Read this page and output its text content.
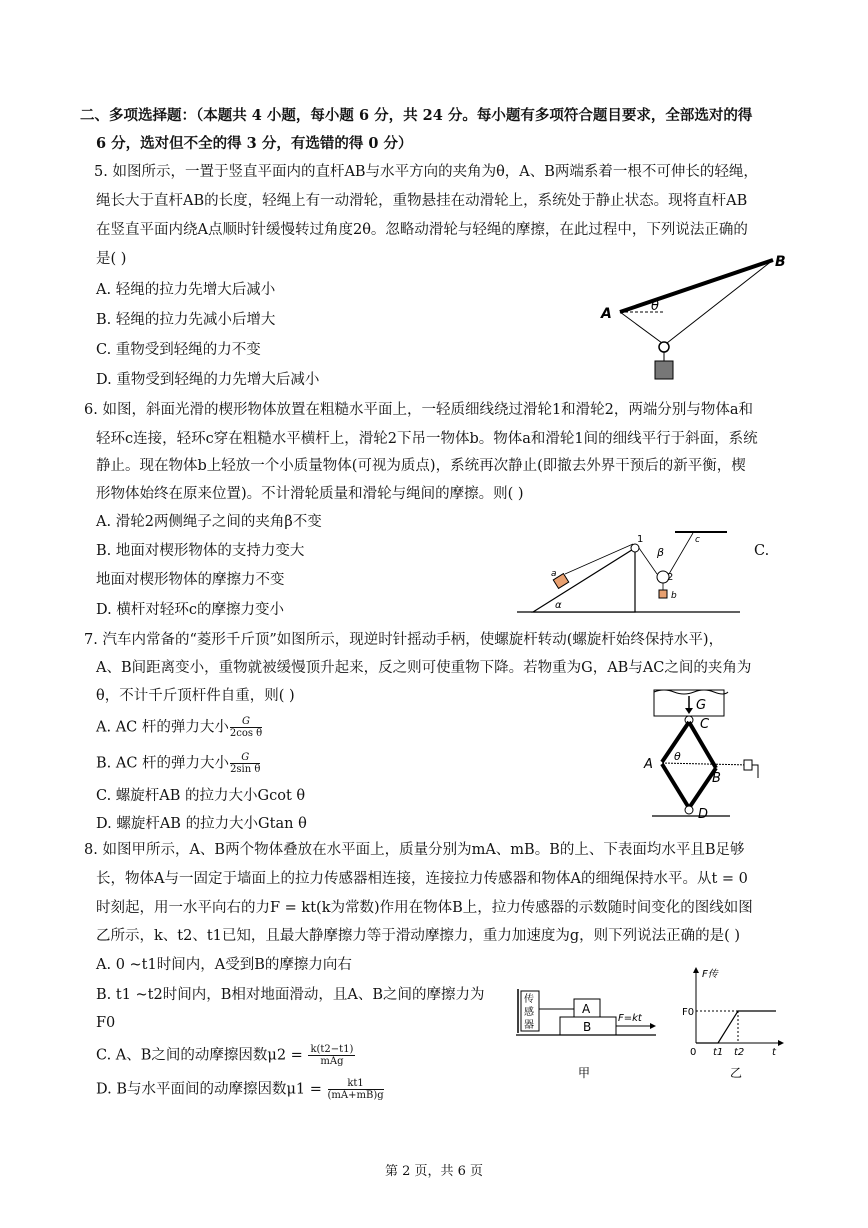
二、多项选择题：（本题共 4 小题，每小题 6 分，共 24 分。每小题有多项符合题目要求，全部选对的得
6 分，选对但不全的得 3 分，有选错的得 0 分）
5. 如图所示，一置于竖直平面内的直杆AB与水平方向的夹角为θ，A、B两端系着一根不可伸长的轻绳，
绳长大于直杆AB的长度，轻绳上有一动滑轮，重物悬挂在动滑轮上，系统处于静止状态。现将直杆AB
在竖直平面内绕A点顺时针缓慢转过角度2θ。忽略动滑轮与轻绳的摩擦，在此过程中，下列说法正确的
是( )
A. 轻绳的拉力先增大后减小
B. 轻绳的拉力先减小后增大
C. 重物受到轻绳的力不变
D. 重物受到轻绳的力先增大后减小
A
B
θ
6. 如图，斜面光滑的楔形物体放置在粗糙水平面上，一轻质细线绕过滑轮1和滑轮2，两端分别与物体a和
轻环c连接，轻环c穿在粗糙水平横杆上，滑轮2下吊一物体b。物体a和滑轮1间的细线平行于斜面，系统
静止。现在物体b上轻放一个小质量物体(可视为质点)，系统再次静止(即撤去外界干预后的新平衡，楔
形物体始终在原来位置)。不计滑轮质量和滑轮与绳间的摩擦。则( )
A. 滑轮2两侧绳子之间的夹角β不变
B. 地面对楔形物体的支持力变大	C.
地面对楔形物体的摩擦力不变
D. 横杆对轻环c的摩擦力变小
1
2
β
c
a
α
b
7. 汽车内常备的“菱形千斤顶”如图所示，现逆时针摇动手柄，使螺旋杆转动(螺旋杆始终保持水平)，
A、B间距离变小，重物就被缓慢顶升起来，反之则可使重物下降。若物重为G，AB与AC之间的夹角为
θ，不计千斤顶杆件自重，则( )
A. AC 杆的弹力大小 $\frac{G}{\text{2cos θ}}$
B. AC 杆的弹力大小 $\frac{G}{\text{2sin θ}}$
C. 螺旋杆AB 的拉力大小Gcot θ
D. 螺旋杆AB 的拉力大小Gtan θ
G
C
A
B
D
θ
8. 如图甲所示，A、B两个物体叠放在水平面上，质量分别为mA、mB。B的上、下表面均水平且B足够
长，物体A与一固定于墙面上的拉力传感器相连接，连接拉力传感器和物体A的细绳保持水平。从t = 0
时刻起，用一水平向右的力F = kt(k为常数)作用在物体B上，拉力传感器的示数随时间变化的图线如图
乙所示，k、t2、t1已知，且最大静摩擦力等于滑动摩擦力，重力加速度为g，则下列说法正确的是( )
A. 0 ~t1时间内，A受到B的摩擦力向右
B. t1 ~t2时间内，B相对地面滑动，且A、B之间的摩擦力为
F0
C. A、B之间的动摩擦因数$\mu 2 = \frac{k(t2-t1)}{\text{mAg}}$
D. B与水平面间的动摩擦因数$\mu 1 = \frac{kt1}{(mA+mB)g}$
传
感
器
A
B
F=kt
甲
F传
F0
0 t1 t2	t
乙
第 2 页，共 6 页
